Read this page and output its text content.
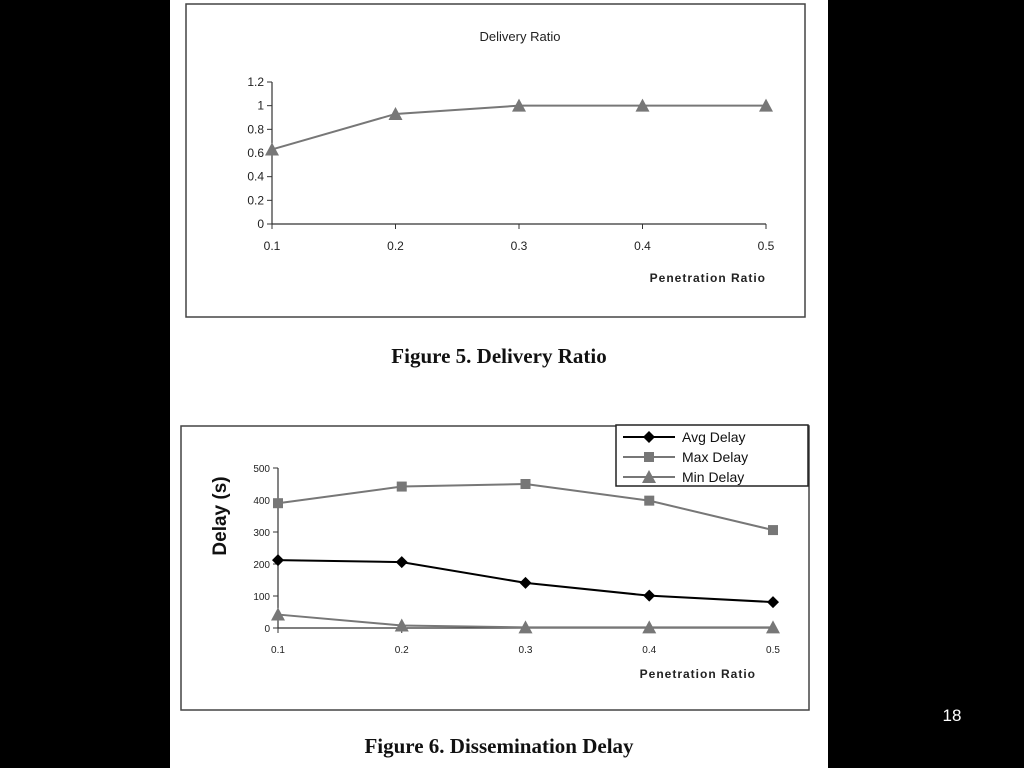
Delivery Ratio
Penetration Ratio
0
0.2
0.4
0.6
0.8
1
1.2
0.1	0.2	0.3	0.4	0.5
Figure 5. Delivery Ratio
Delay (s)
Penetration Ratio
0
100
200
300
400
500
0.1	0.2	0.3	0.4	0.5
Avg Delay
Max Delay
Min Delay
Figure 6. Dissemination Delay
18
